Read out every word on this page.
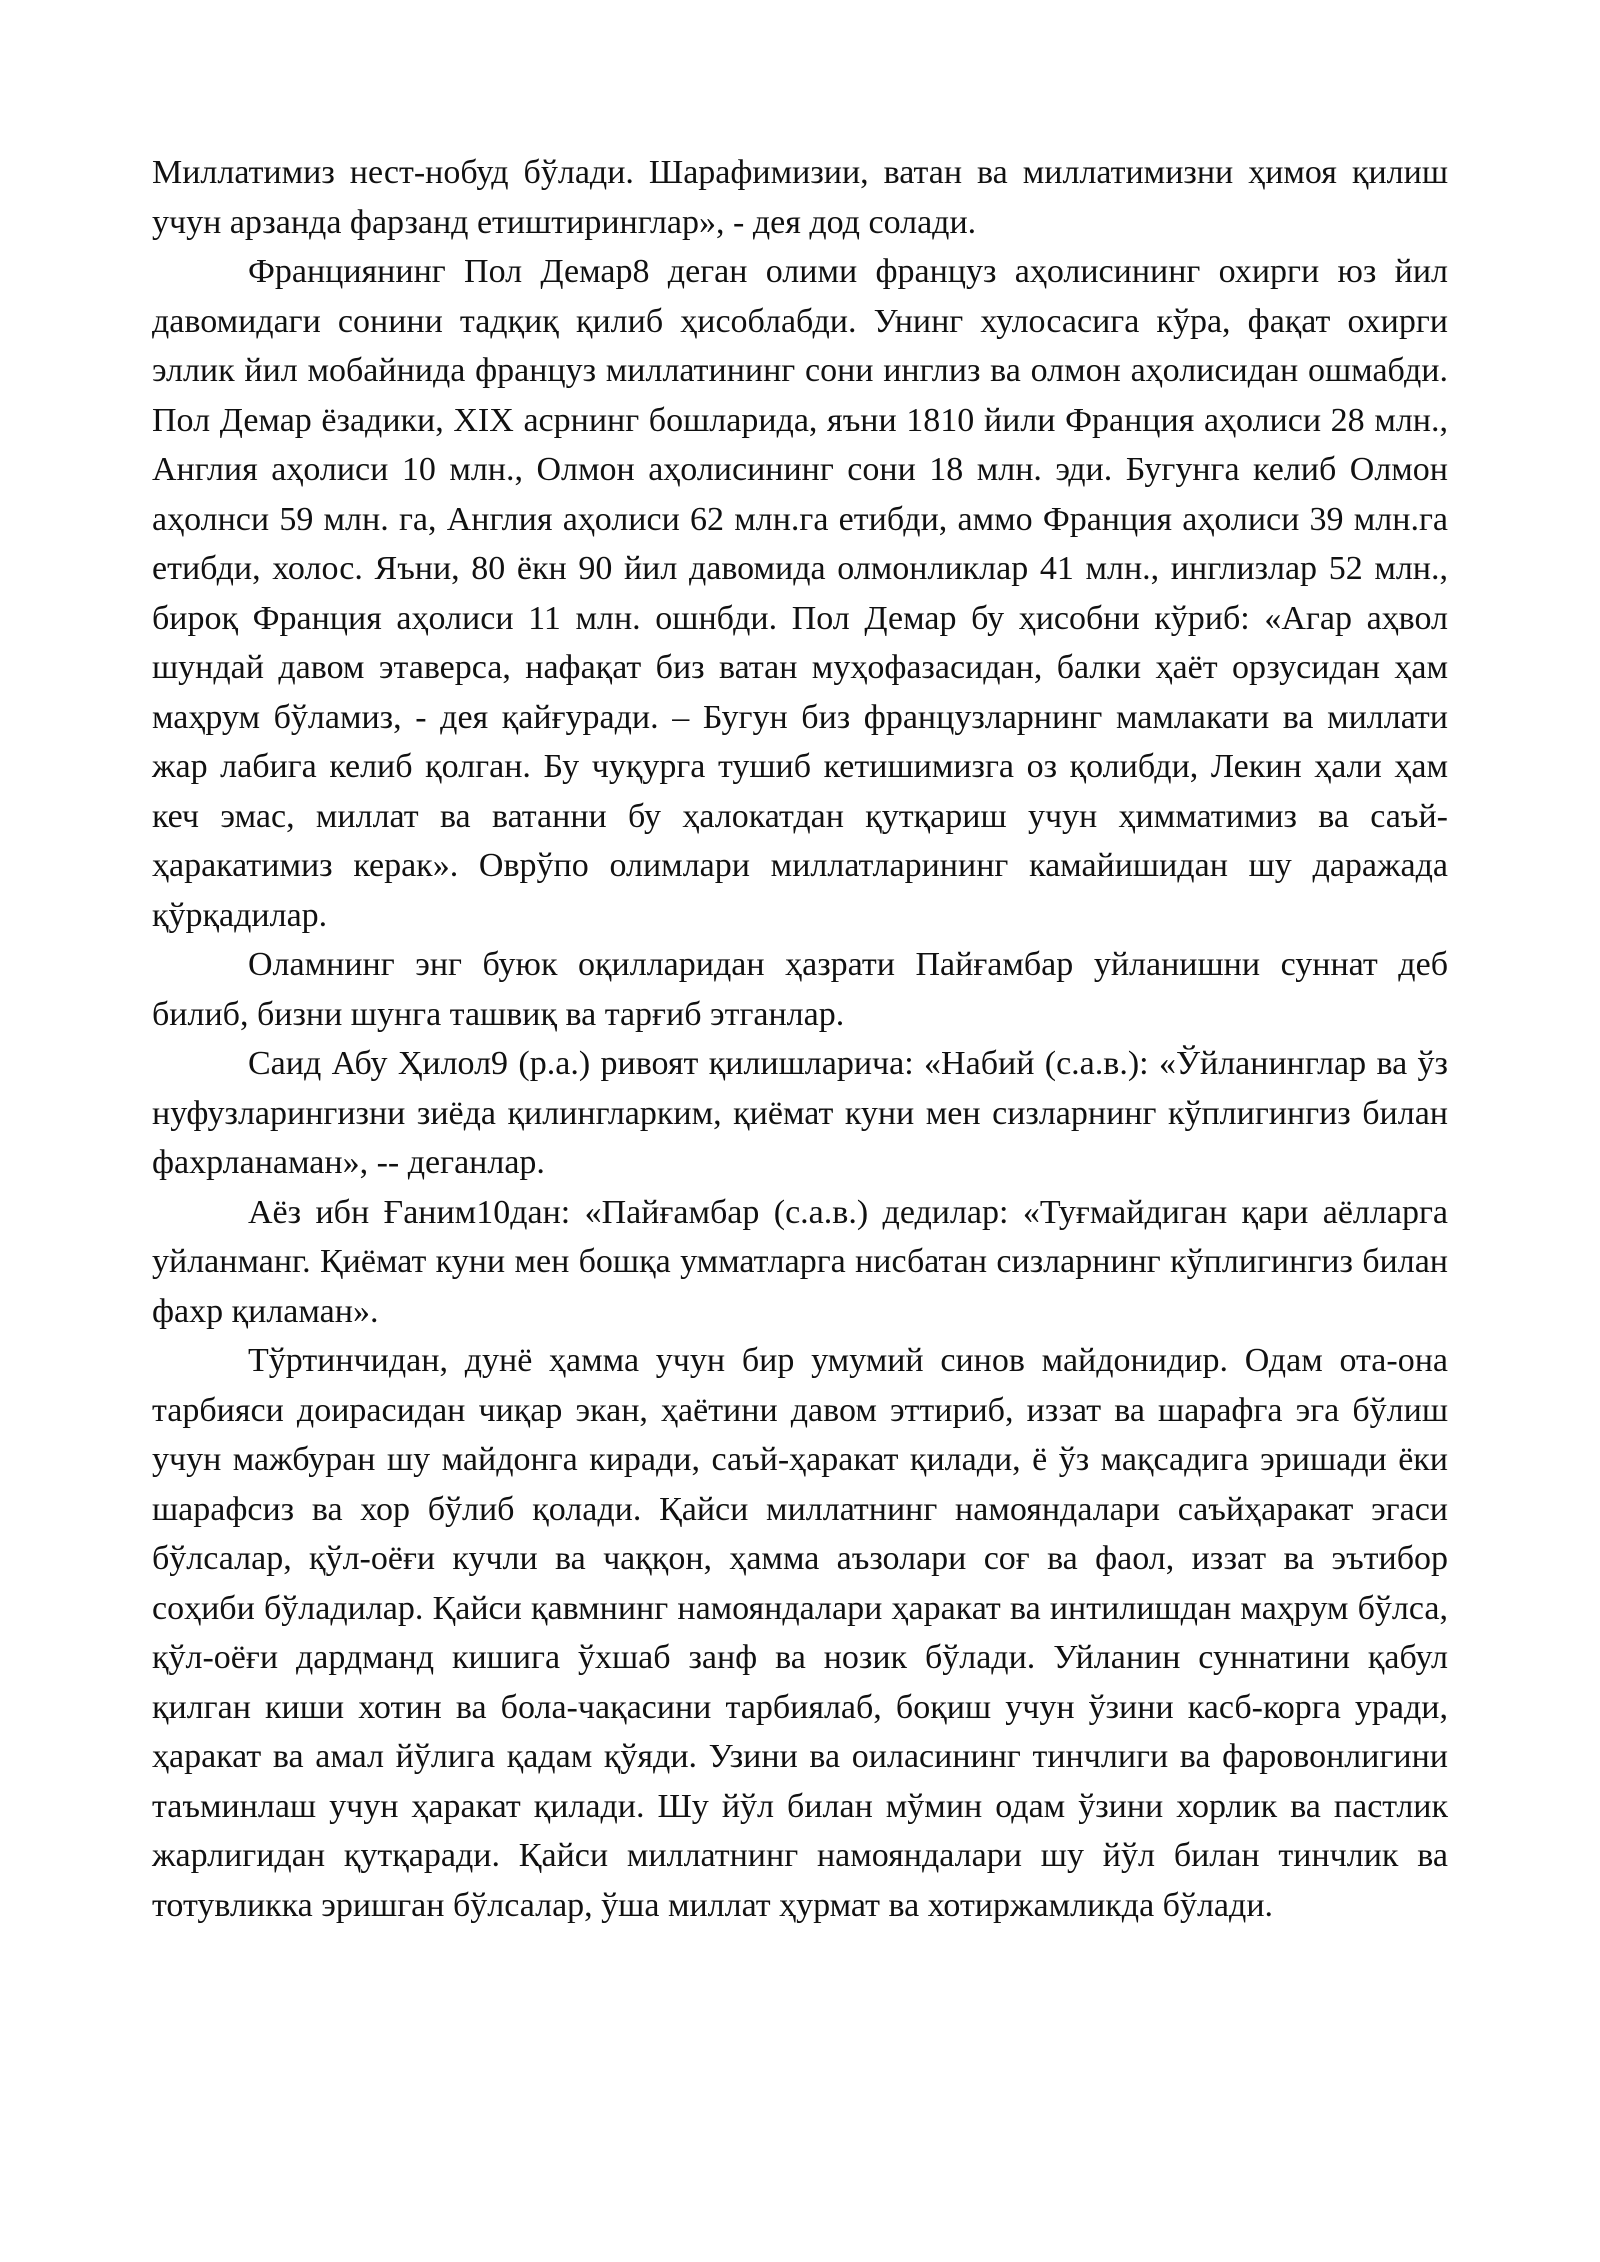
Миллатимиз нест-нобуд бўлади. Шарафимизии, ватан ва миллатимизни ҳимоя қилиш учун арзанда фарзанд етиштиринглар», - дея дод солади.

Франциянинг Пол Демар8 деган олими француз аҳолисининг охирги юз йил давомидаги сонини тадқиқ қилиб ҳисоблабди. Унинг хулосасига кўра, фақат охирги эллик йил мобайнида француз миллатининг сони инглиз ва олмон аҳолисидан ошмабди. Пол Демар ёзадики, XIX асрнинг бошларида, яъни 1810 йили Франция аҳолиси 28 млн., Англия аҳолиси 10 млн., Олмон аҳолисининг сони 18 млн. эди. Бугунга келиб Олмон аҳолнси 59 млн. га, Англия аҳолиси 62 млн.га етибди, аммо Франция аҳолиси 39 млн.га етибди, холос. Яъни, 80 ёкн 90 йил давомида олмонликлар 41 млн., инглизлар 52 млн., бироқ Франция аҳолиси 11 млн. ошнбди. Пол Демар бу ҳисобни кўриб: «Агар аҳвол шундай давом этаверса, нафақат биз ватан муҳофазасидан, балки ҳаёт орзусидан ҳам маҳрум бўламиз, - дея қайғуради. – Бугун биз французларнинг мамлакати ва миллати жар лабига келиб қолган. Бу чуқурга тушиб кетишимизга оз қолибди, Лекин ҳали ҳам кеч эмас, миллат ва ватанни бу ҳалокатдан қутқариш учун ҳимматимиз ва саъй-ҳаракатимиз керак». Оврўпо олимлари миллатларининг камайишидан шу даражада қўрқадилар.

Оламнинг энг буюк оқилларидан ҳазрати Пайғамбар уйланишни суннат деб билиб, бизни шунга ташвиқ ва тарғиб этганлар.

Саид Абу Ҳилол9 (р.а.) ривоят қилишларича: «Набий (с.а.в.): «Ўйланинглар ва ўз нуфузларингизни зиёда қилингларким, қиёмат куни мен сизларнинг кўплигингиз билан фахрланаман», -- деганлар.

Аёз ибн Ғаним10дан: «Пайғамбар (с.а.в.) дедилар: «Туғмайдиган қари аёлларга уйланманг. Қиёмат куни мен бошқа умматларга нисбатан сизларнинг кўплигингиз билан фахр қиламан».

Тўртинчидан, дунё ҳамма учун бир умумий синов майдонидир. Одам ота-она тарбияси доирасидан чиқар экан, ҳаётини давом эттириб, иззат ва шарафга эга бўлиш учун мажбуран шу майдонга киради, саъй-ҳаракат қилади, ё ўз мақсадига эришади ёки шарафсиз ва хор бўлиб қолади. Қайси миллатнинг намояндалари саъйҳаракат эгаси бўлсалар, қўл-оёғи кучли ва чаққон, ҳамма аъзолари соғ ва фаол, иззат ва эътибор соҳиби бўладилар. Қайси қавмнинг намояндалари ҳаракат ва интилишдан маҳрум бўлса, қўл-оёғи дардманд кишига ўхшаб занф ва нозик бўлади. Уйланин суннатини қабул қилган киши хотин ва бола-чақасини тарбиялаб, боқиш учун ўзини касб-корга уради, ҳаракат ва амал йўлига қадам қўяди. Узини ва оиласининг тинчлиги ва фаровонлигини таъминлаш учун ҳаракат қилади. Шу йўл билан мўмин одам ўзини хорлик ва пастлик жарлигидан қутқаради. Қайси миллатнинг намояндалари шу йўл билан тинчлик ва тотувликка эришган бўлсалар, ўша миллат ҳурмат ва хотиржамликда бўлади.
